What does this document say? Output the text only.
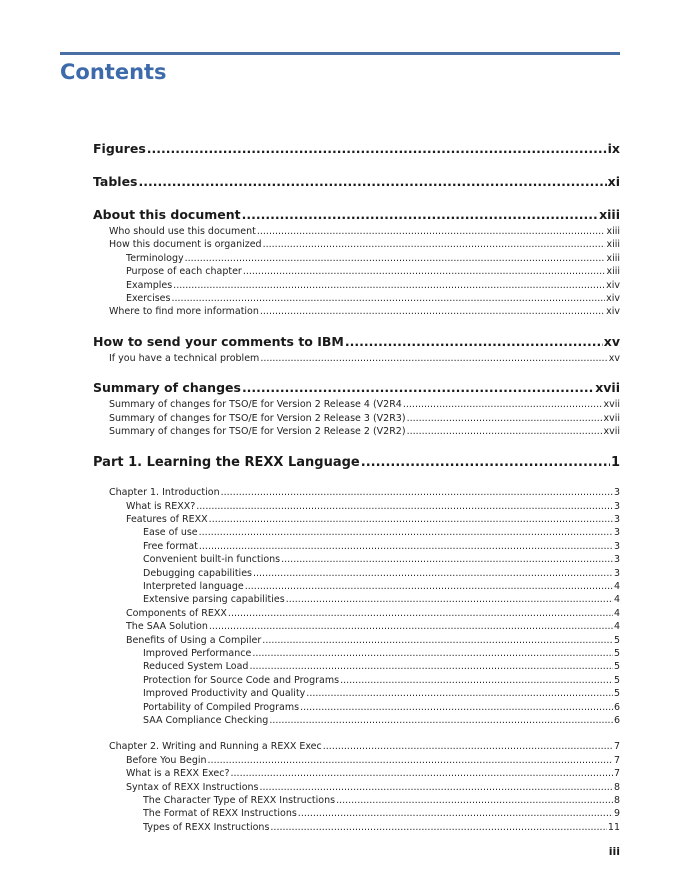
Contents
Figures .....	ix
Tables .....	xi
About this document .....	xiii
Who should use this document .....	xiii
How this document is organized .....	xiii
Terminology .....	xiii
Purpose of each chapter .....	xiii
Examples .....	xiv
Exercises .....	xiv
Where to find more information .....	xiv
How to send your comments to IBM .....	xv
If you have a technical problem .....	xv
Summary of changes .....	xvii
Summary of changes for TSO/E for Version 2 Release 4 (V2R4 .....	xvii
Summary of changes for TSO/E for Version 2 Release 3 (V2R3) .....	xvii
Summary of changes for TSO/E for Version 2 Release 2 (V2R2) .....	xvii
Part 1. Learning the REXX Language .....	1
Chapter 1. Introduction .....	3
What is REXX? .....	3
Features of REXX .....	3
Ease of use .....	3
Free format .....	3
Convenient built-in functions .....	3
Debugging capabilities .....	3
Interpreted language .....	4
Extensive parsing capabilities .....	4
Components of REXX .....	4
The SAA Solution .....	4
Benefits of Using a Compiler .....	5
Improved Performance .....	5
Reduced System Load .....	5
Protection for Source Code and Programs .....	5
Improved Productivity and Quality .....	5
Portability of Compiled Programs .....	6
SAA Compliance Checking .....	6
Chapter 2. Writing and Running a REXX Exec .....	7
Before You Begin .....	7
What is a REXX Exec? .....	7
Syntax of REXX Instructions .....	8
The Character Type of REXX Instructions .....	8
The Format of REXX Instructions .....	9
Types of REXX Instructions .....	11
iii
